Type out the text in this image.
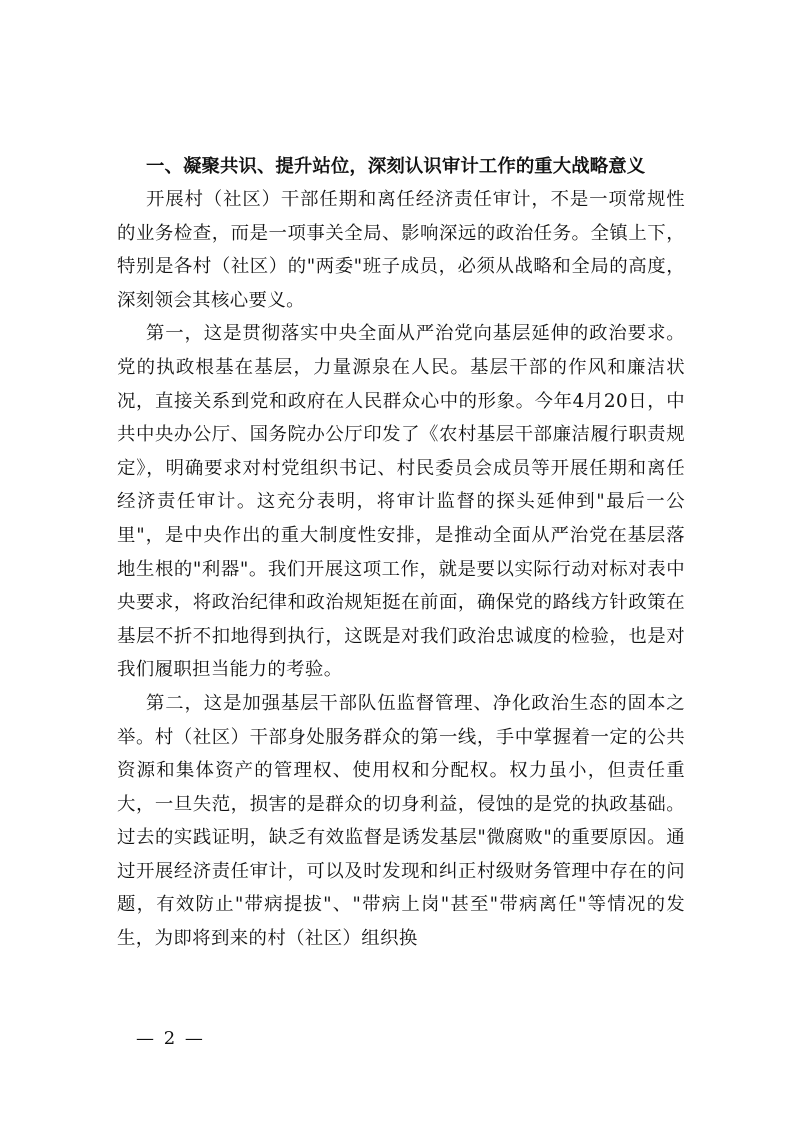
一、凝聚共识、提升站位，深刻认识审计工作的重大战略意义

开展村（社区）干部任期和离任经济责任审计，不是一项常规性的业务检查，而是一项事关全局、影响深远的政治任务。全镇上下，特别是各村（社区）的"两委"班子成员，必须从战略和全局的高度，深刻领会其核心要义。

第一，这是贯彻落实中央全面从严治党向基层延伸的政治要求。党的执政根基在基层，力量源泉在人民。基层干部的作风和廉洁状况，直接关系到党和政府在人民群众心中的形象。今年4月20日，中共中央办公厅、国务院办公厅印发了《农村基层干部廉洁履行职责规定》，明确要求对村党组织书记、村民委员会成员等开展任期和离任经济责任审计。这充分表明，将审计监督的探头延伸到"最后一公里"，是中央作出的重大制度性安排，是推动全面从严治党在基层落地生根的"利器"。我们开展这项工作，就是要以实际行动对标对表中央要求，将政治纪律和政治规矩挺在前面，确保党的路线方针政策在基层不折不扣地得到执行，这既是对我们政治忠诚度的检验，也是对我们履职担当能力的考验。

第二，这是加强基层干部队伍监督管理、净化政治生态的固本之举。村（社区）干部身处服务群众的第一线，手中掌握着一定的公共资源和集体资产的管理权、使用权和分配权。权力虽小，但责任重大，一旦失范，损害的是群众的切身利益，侵蚀的是党的执政基础。过去的实践证明，缺乏有效监督是诱发基层"微腐败"的重要原因。通过开展经济责任审计，可以及时发现和纠正村级财务管理中存在的问题，有效防止"带病提拔"、"带病上岗"甚至"带病离任"等情况的发生，为即将到来的村（社区）组织换

— 2 —
